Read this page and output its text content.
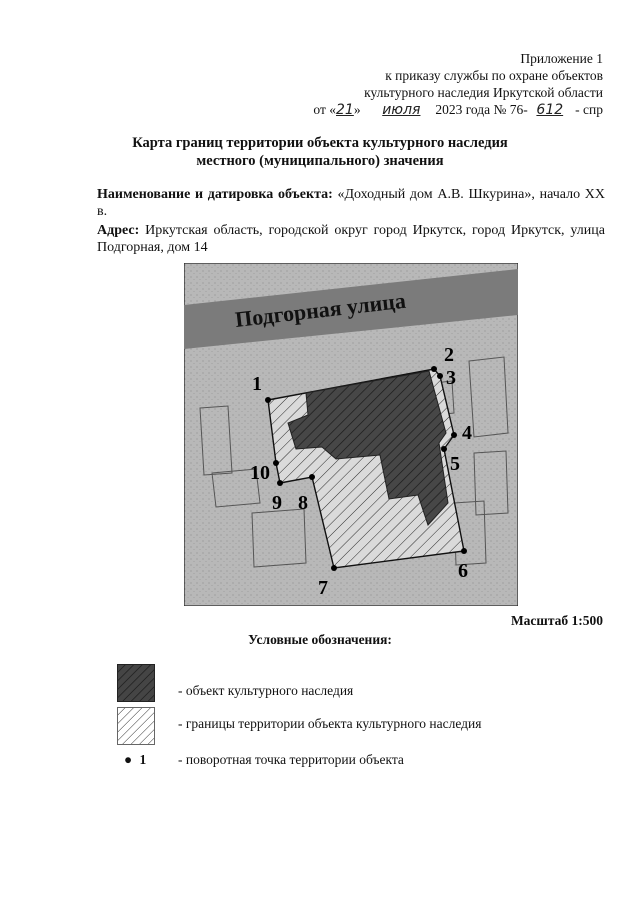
Приложение 1
к приказу службы по охране объектов
культурного наследия Иркутской области
от «21» июля 2023 года № 76- 612 - спр
Карта границ территории объекта культурного наследия
местного (муниципального) значения
Наименование и датировка объекта: «Доходный дом А.В. Шкурина», начало XX в.
Адрес: Иркутская область, городской округ город Иркутск, город Иркутск, улица Подгорная, дом 14
Подгорная улица
1
2
3
4
5
6
7
8
9
10
Масштаб 1:500
Условные обозначения:
- объект культурного наследия
- границы территории объекта культурного наследия
● 1 - поворотная точка территории объекта
